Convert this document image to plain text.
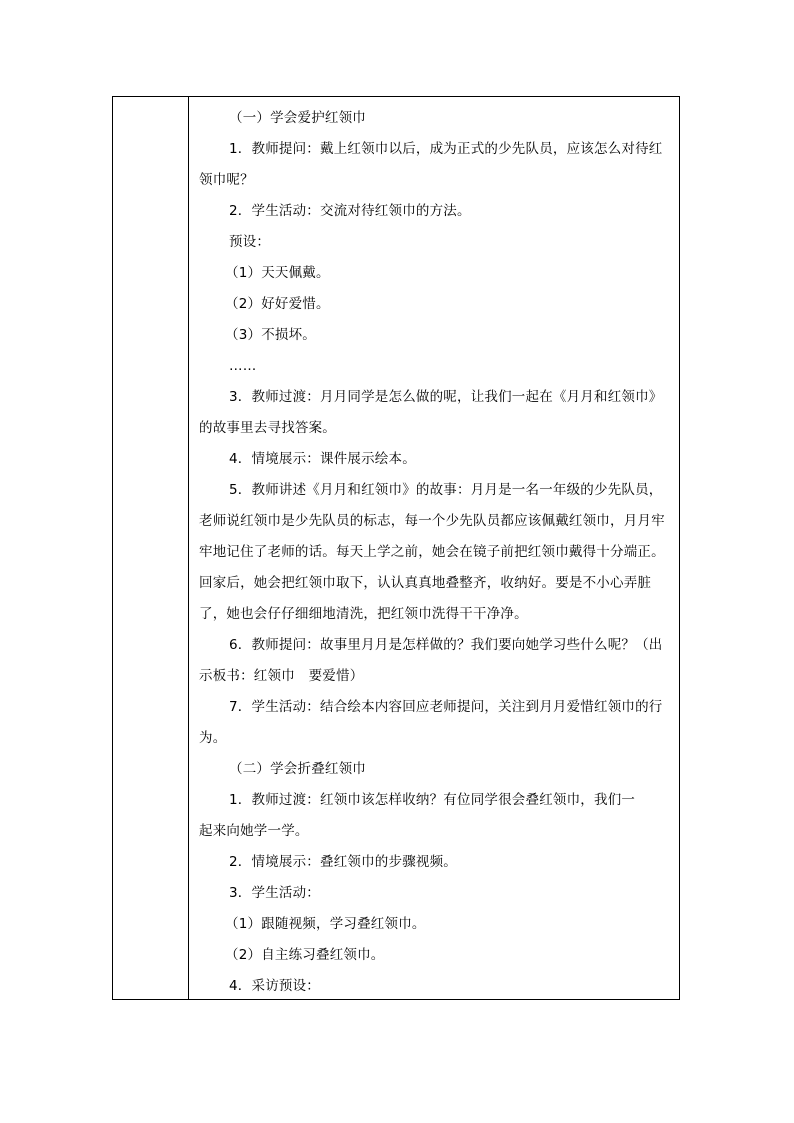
（一）学会爱护红领巾

1．教师提问：戴上红领巾以后，成为正式的少先队员，应该怎么对待红

领巾呢？

2．学生活动：交流对待红领巾的方法。

预设：

（1）天天佩戴。

（2）好好爱惜。

（3）不损坏。

……

3．教师过渡：月月同学是怎么做的呢，让我们一起在《月月和红领巾》

的故事里去寻找答案。

4．情境展示：课件展示绘本。

5．教师讲述《月月和红领巾》的故事：月月是一名一年级的少先队员，

老师说红领巾是少先队员的标志，每一个少先队员都应该佩戴红领巾，月月牢

牢地记住了老师的话。每天上学之前，她会在镜子前把红领巾戴得十分端正。

回家后，她会把红领巾取下，认认真真地叠整齐，收纳好。要是不小心弄脏

了，她也会仔仔细细地清洗，把红领巾洗得干干净净。

6．教师提问：故事里月月是怎样做的？我们要向她学习些什么呢？（出

示板书：红领巾　要爱惜）

7．学生活动：结合绘本内容回应老师提问，关注到月月爱惜红领巾的行

为。

（二）学会折叠红领巾

1．教师过渡：红领巾该怎样收纳？有位同学很会叠红领巾，我们一

起来向她学一学。

2．情境展示：叠红领巾的步骤视频。

3．学生活动：

（1）跟随视频，学习叠红领巾。

（2）自主练习叠红领巾。

4．采访预设：
